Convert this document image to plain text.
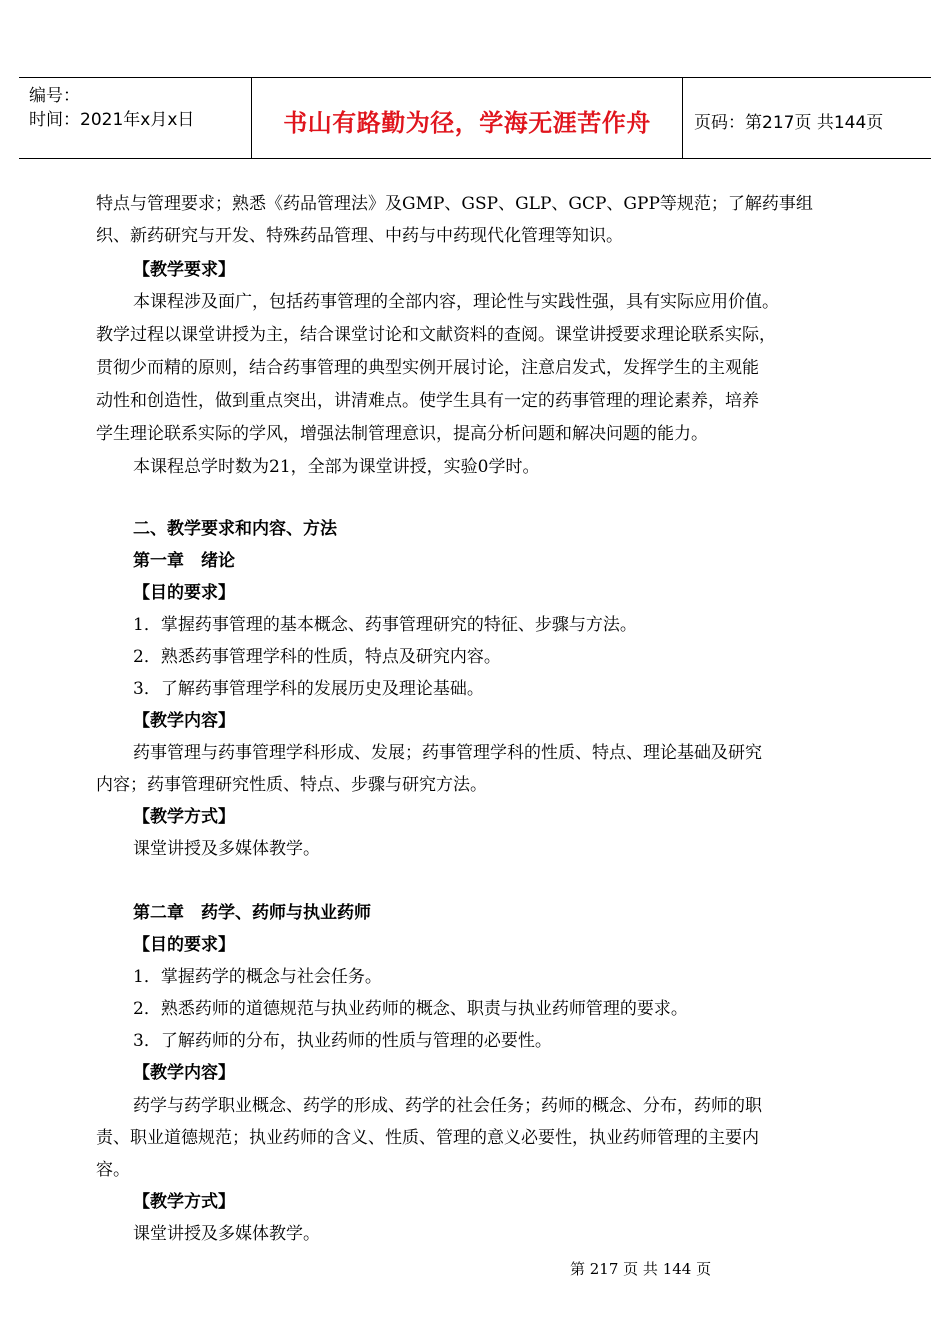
编号：
时间：2021年x月x日	书山有路勤为径，学海无涯苦作舟	页码：第217页 共144页
特点与管理要求；熟悉《药品管理法》及GMP、GSP、GLP、GCP、GPP等规范；了解药事组
织、新药研究与开发、特殊药品管理、中药与中药现代化管理等知识。
【教学要求】
本课程涉及面广，包括药事管理的全部内容，理论性与实践性强，具有实际应用价值。
教学过程以课堂讲授为主，结合课堂讨论和文献资料的查阅。课堂讲授要求理论联系实际，
贯彻少而精的原则，结合药事管理的典型实例开展讨论，注意启发式，发挥学生的主观能
动性和创造性，做到重点突出，讲清难点。使学生具有一定的药事管理的理论素养，培养
学生理论联系实际的学风，增强法制管理意识，提高分析问题和解决问题的能力。
本课程总学时数为21，全部为课堂讲授，实验0学时。
二、教学要求和内容、方法
第一章　绪论
【目的要求】
1．掌握药事管理的基本概念、药事管理研究的特征、步骤与方法。
2．熟悉药事管理学科的性质，特点及研究内容。
3．了解药事管理学科的发展历史及理论基础。
【教学内容】
药事管理与药事管理学科形成、发展；药事管理学科的性质、特点、理论基础及研究
内容；药事管理研究性质、特点、步骤与研究方法。
【教学方式】
课堂讲授及多媒体教学。
第二章　药学、药师与执业药师
【目的要求】
1．掌握药学的概念与社会任务。
2．熟悉药师的道德规范与执业药师的概念、职责与执业药师管理的要求。
3．了解药师的分布，执业药师的性质与管理的必要性。
【教学内容】
药学与药学职业概念、药学的形成、药学的社会任务；药师的概念、分布，药师的职
责、职业道德规范；执业药师的含义、性质、管理的意义必要性，执业药师管理的主要内
容。
【教学方式】
课堂讲授及多媒体教学。
第 217 页 共 144 页
